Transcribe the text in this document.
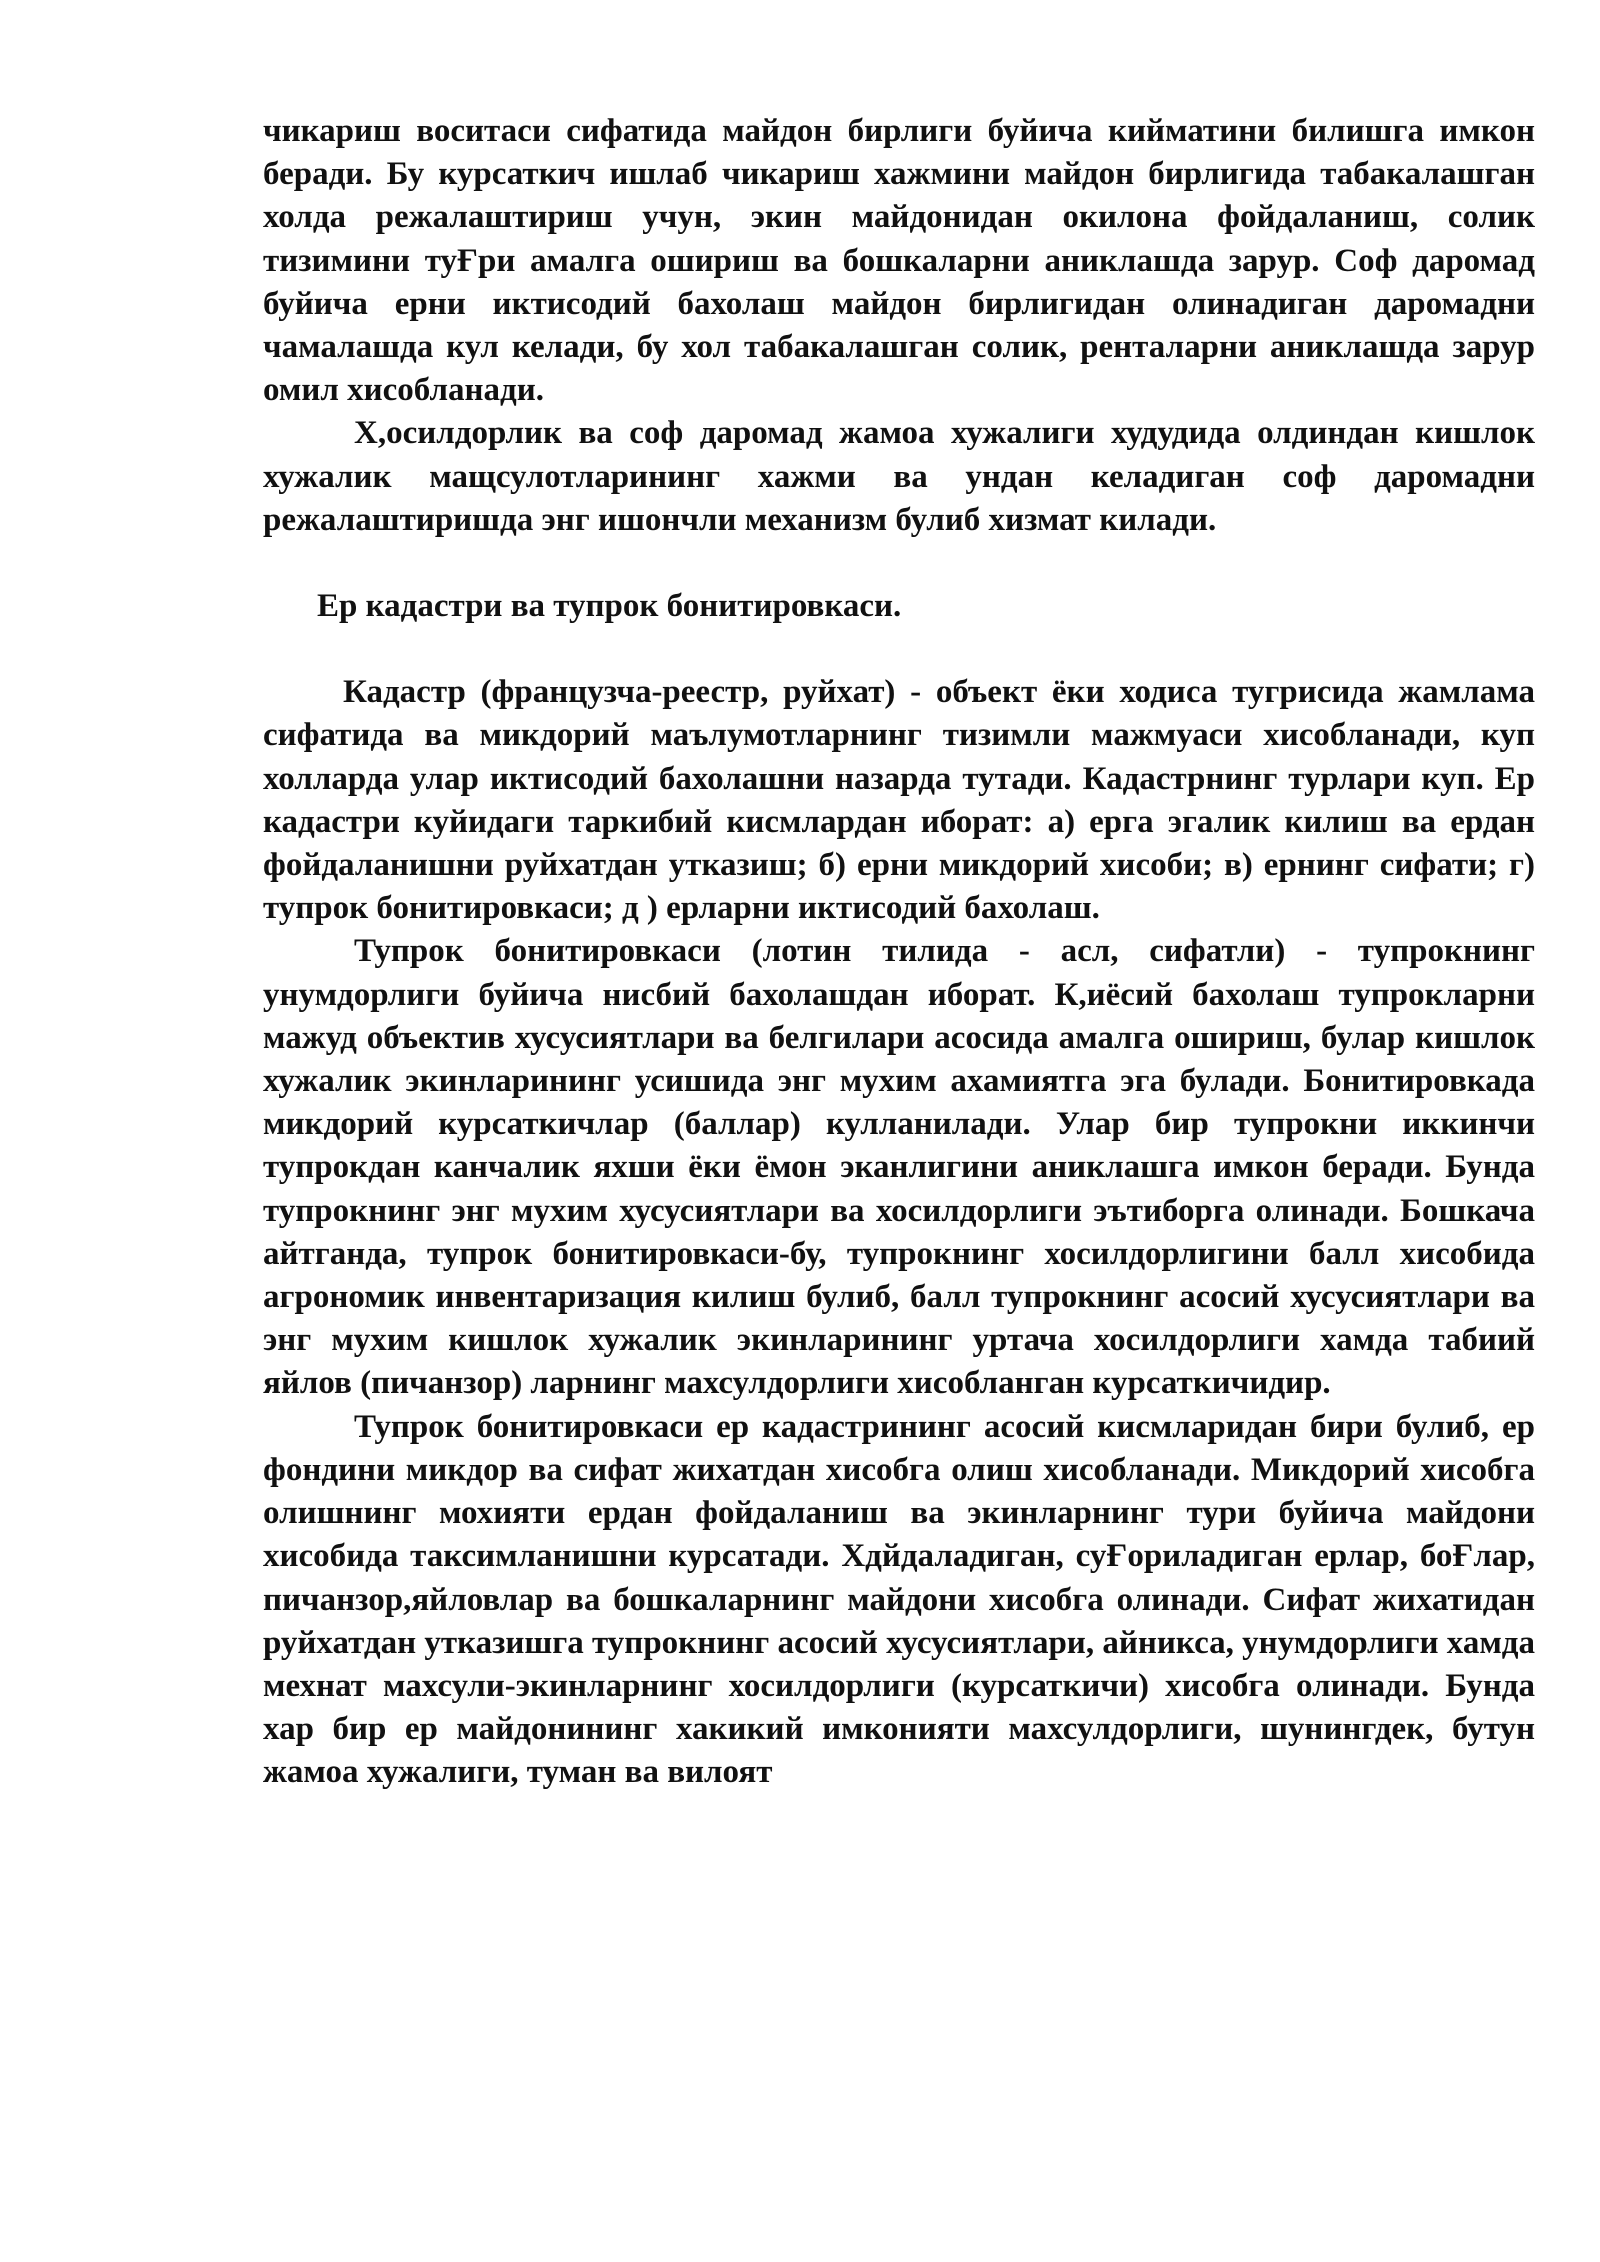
чикариш воситаси сифатида майдон бирлиги буйича кийматини билишга имкон беради. Бу курсаткич ишлаб чикариш хажмини майдон бирлигида табакалашган холда режалаштириш учун, экин майдонидан окилона фойдаланиш, солик тизимини туҒри амалга ошириш ва бошкаларни аниклашда зарур. Соф даромад буйича ерни иктисодий бахолаш майдон бирлигидан олинадиган даромадни чамалашда кул келади, бу хол табакалашган солик, ренталарни аниклашда зарур омил хисобланади.

Х,осилдорлик ва соф даромад жамоа хужалиги худудида олдиндан кишлок хужалик мащсулотларининг хажми ва ундан келадиган соф даромадни режалаштиришда энг ишончли механизм булиб хизмат килади.

Ер кадастри ва тупрок бонитировкаси.

Кадастр (французча-реестр, руйхат) - объект ёки ходиса тугрисида жамлама сифатида ва микдорий маълумотларнинг тизимли мажмуаси хисобланади, куп холларда улар иктисодий бахолашни назарда тутади. Кадастрнинг турлари куп. Ер кадастри куйидаги таркибий кисмлардан иборат: а) ерга эгалик килиш ва ердан фойдаланишни руйхатдан утказиш; б) ерни микдорий хисоби; в) ернинг сифати; г) тупрок бонитировкаси; д ) ерларни иктисодий бахолаш.

Тупрок бонитировкаси (лотин тилида - асл, сифатли) - тупрокнинг унумдорлиги буйича нисбий бахолашдан иборат. К,иёсий бахолаш тупрокларни мажуд объектив хусусиятлари ва белгилари асосида амалга ошириш, булар кишлок хужалик экинларининг усишида энг мухим ахамиятга эга булади. Бонитировкада микдорий курсаткичлар (баллар) кулланилади. Улар бир тупрокни иккинчи тупрокдан канчалик яхши ёки ёмон эканлигини аниклашга имкон беради. Бунда тупрокнинг энг мухим хусусиятлари ва хосилдорлиги эътиборга олинади. Бошкача айтганда, тупрок бонитировкаси-бу, тупрокнинг хосилдорлигини балл хисобида агрономик инвентаризация килиш булиб, балл тупрокнинг асосий хусусиятлари ва энг мухим кишлок хужалик экинларининг уртача хосилдорлиги хамда табиий яйлов (пичанзор) ларнинг махсулдорлиги хисобланган курсаткичидир.

Тупрок бонитировкаси ер кадастрининг асосий кисмларидан бири булиб, ер фондини микдор ва сифат жихатдан хисобга олиш хисобланади. Микдорий хисобга олишнинг мохияти ердан фойдаланиш ва экинларнинг тури буйича майдони хисобида таксимланишни курсатади. Хдйдаладиган, суҒориладиган ерлар, боҒлар, пичанзор,яйловлар ва бошкаларнинг майдони хисобга олинади. Сифат жихатидан руйхатдан утказишга тупрокнинг асосий хусусиятлари, айникса, унумдорлиги хамда мехнат махсули-экинларнинг хосилдорлиги (курсаткичи) хисобга олинади. Бунда хар бир ер майдонининг хакикий имконияти махсулдорлиги, шунингдек, бутун жамоа хужалиги, туман ва вилоят
